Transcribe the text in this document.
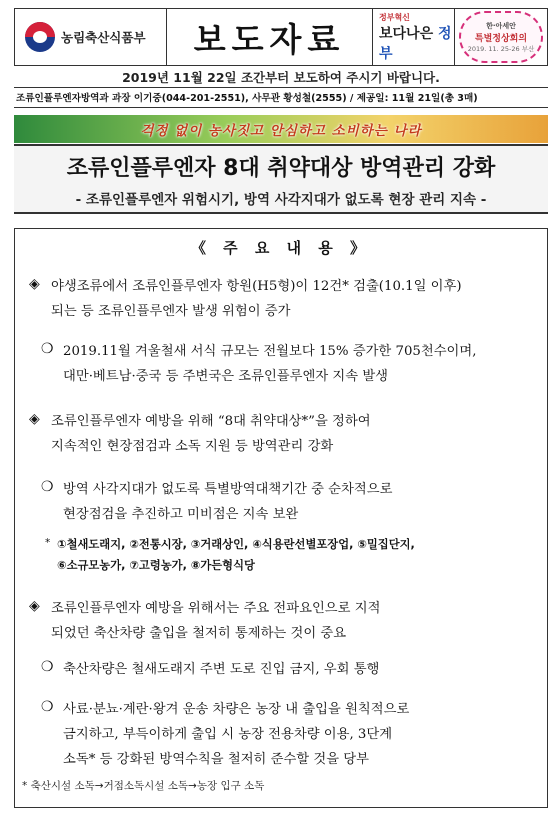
농림축산식품부 보도자료
정부혁신
보다나은 정부
한·아세안
특별정상회의
2019. 11. 25-26 부산
2019년 11월 22일 조간부터 보도하여 주시기 바랍니다.
조류인플루엔자방역과 과장 이기중(044-201-2551), 사무관 황성철(2555) / 제공일: 11월 21일(총 3매)
걱정 없이 농사짓고 안심하고 소비하는 나라
조류인플루엔자 8대 취약대상 방역관리 강화
- 조류인플루엔자 위험시기, 방역 사각지대가 없도록 현장 관리 지속 -
《 주 요 내 용 》
◈ 야생조류에서 조류인플루엔자 항원(H5형)이 12건* 검출(10.1일 이후)
되는 등 조류인플루엔자 발생 위험이 증가
❍ 2019.11월 겨울철새 서식 규모는 전월보다 15% 증가한 705천수이며,
대만·베트남·중국 등 주변국은 조류인플루엔자 지속 발생
◈ 조류인플루엔자 예방을 위해 “8대 취약대상*”을 정하여
지속적인 현장점검과 소독 지원 등 방역관리 강화
❍ 방역 사각지대가 없도록 특별방역대책기간 중 순차적으로
현장점검을 추진하고 미비점은 지속 보완
* ①철새도래지, ②전통시장, ③거래상인, ④식용란선별포장업, ⑤밀집단지,
⑥소규모농가, ⑦고령농가, ⑧가든형식당
◈ 조류인플루엔자 예방을 위해서는 주요 전파요인으로 지적
되었던 축산차량 출입을 철저히 통제하는 것이 중요
❍ 축산차량은 철새도래지 주변 도로 진입 금지, 우회 통행
❍ 사료·분뇨·계란·왕겨 운송 차량은 농장 내 출입을 원칙적으로
금지하고, 부득이하게 출입 시 농장 전용차량 이용, 3단계
소독* 등 강화된 방역수칙을 철저히 준수할 것을 당부
* 축산시설 소독→거점소독시설 소독→농장 입구 소독
